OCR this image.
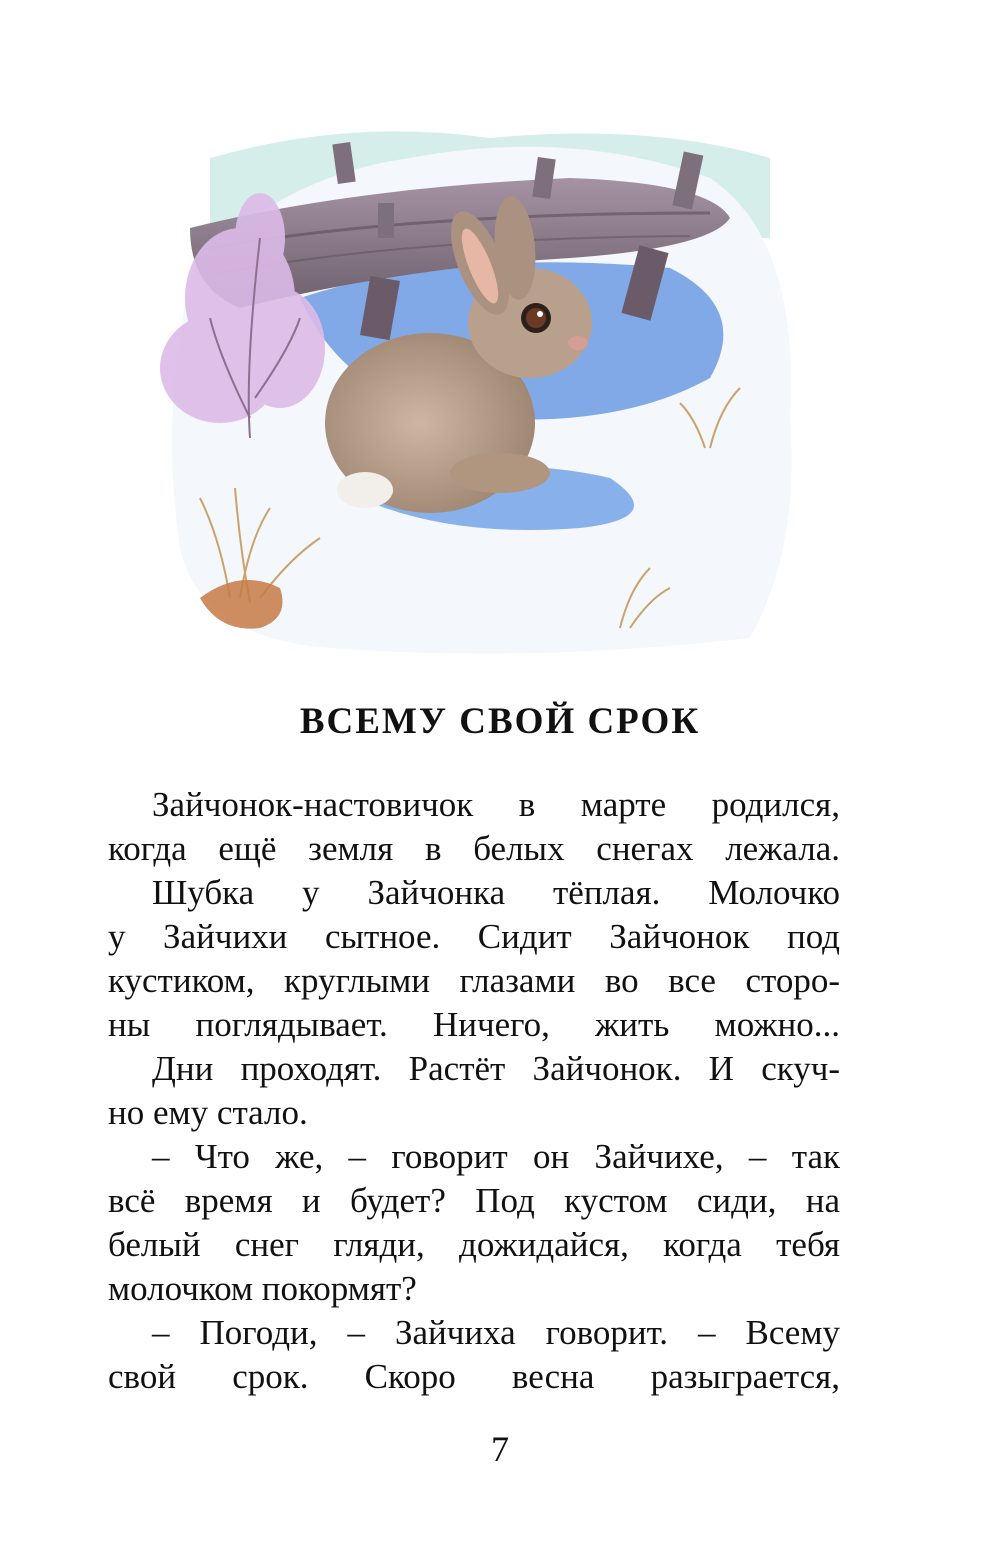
ВСЕМУ СВОЙ СРОК
Зайчонок-настовичок в марте родился,
когда ещё земля в белых снегах лежала.
Шубка у Зайчонка тёплая. Молочко
у Зайчихи сытное. Сидит Зайчонок под
кустиком, круглыми глазами во все сторо-
ны поглядывает. Ничего, жить можно...
Дни проходят. Растёт Зайчонок. И скуч-
но ему стало.
– Что же, – говорит он Зайчихе, – так
всё время и будет? Под кустом сиди, на
белый снег гляди, дожидайся, когда тебя
молочком покормят?
– Погоди, – Зайчиха говорит. – Всему
свой срок. Скоро весна разыграется,
7
